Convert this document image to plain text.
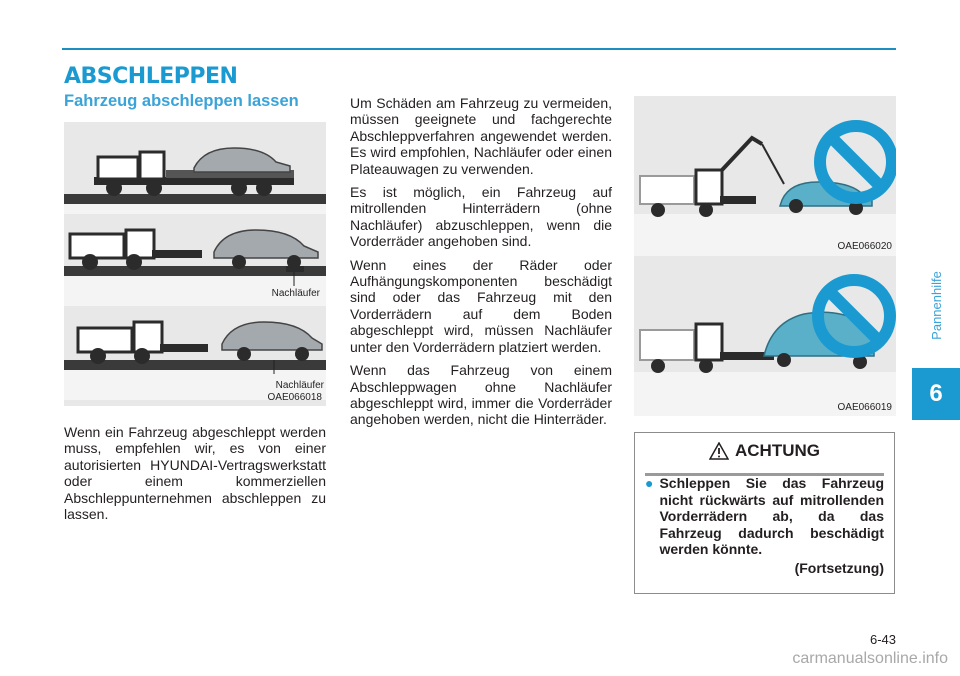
ABSCHLEPPEN
Fahrzeug abschleppen lassen
Nachläufer
Nachläufer
OAE066018
Wenn ein Fahrzeug abgeschleppt werden muss, empfehlen wir, es von einer autorisierten HYUNDAI-Vertragswerkstatt oder einem kommerziellen Abschleppunternehmen abschleppen zu lassen.

Um Schäden am Fahrzeug zu vermeiden, müssen geeignete und fachgerechte Abschleppverfahren angewendet werden. Es wird empfohlen, Nachläufer oder einen Plateauwagen zu verwenden.

Es ist möglich, ein Fahrzeug auf mitrollenden Hinterrädern (ohne Nachläufer) abzuschleppen, wenn die Vorderräder angehoben sind.

Wenn eines der Räder oder Aufhängungskomponenten beschädigt sind oder das Fahrzeug mit den Vorderrädern auf dem Boden abgeschleppt wird, müssen Nachläufer unter den Vorderrädern platziert werden.

Wenn das Fahrzeug von einem Abschleppwagen ohne Nachläufer abgeschleppt wird, immer die Vorderräder angehoben werden, nicht die Hinterräder.

OAE066020
OAE066019
ACHTUNG
● Schleppen Sie das Fahrzeug nicht rückwärts auf mitrollenden Vorderrädern ab, da das Fahrzeug dadurch beschädigt werden könnte.
(Fortsetzung)
Pannenhilfe
6
6-43
carmanualsonline.info
